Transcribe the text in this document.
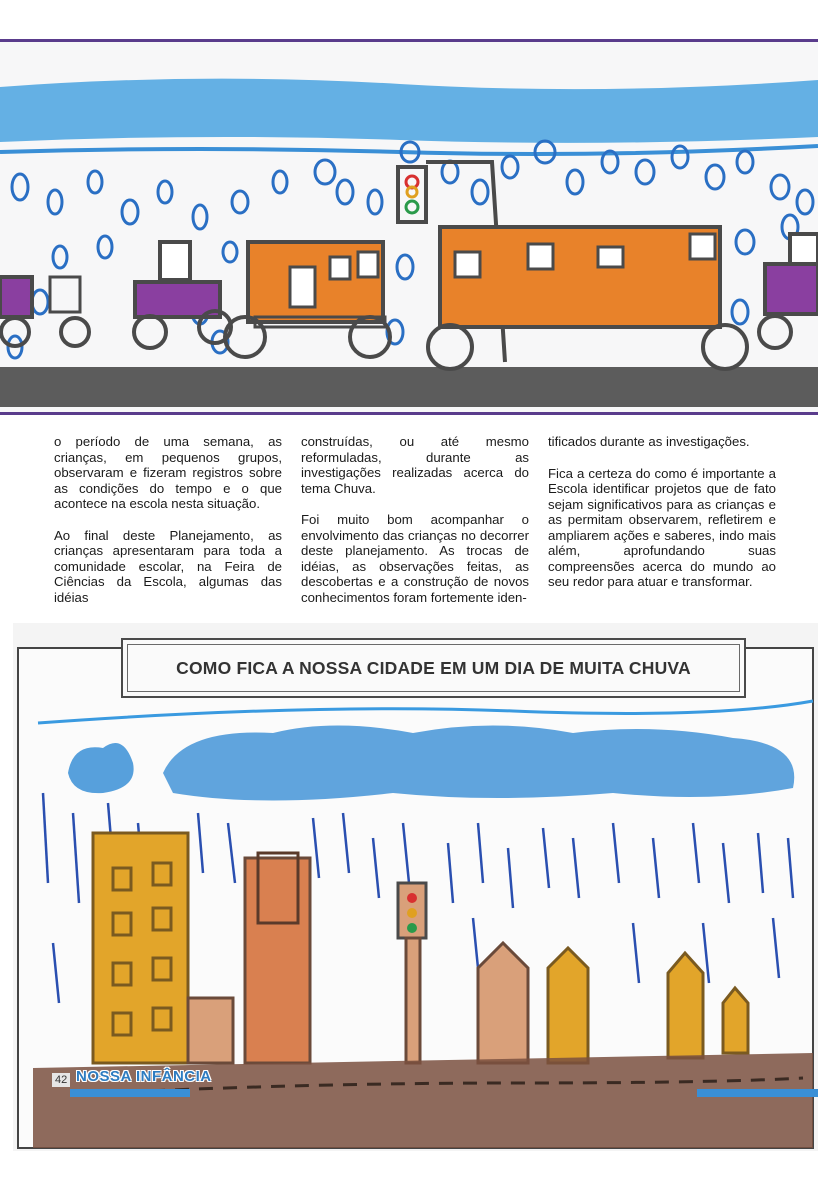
o período de uma semana, as crianças, em pequenos grupos, observaram e fizeram registros sobre as condições do tempo e o que acontece na escola nesta situação.

Ao final deste Planejamento, as crianças apresentaram para toda a comunidade escolar, na Feira de Ciências da Escola, algumas das idéias

construídas, ou até mesmo reformuladas, durante as investigações realizadas acerca do tema Chuva.

Foi muito bom acompanhar o envolvimento das crianças no decorrer deste planejamento. As trocas de idéias, as observações feitas, as descobertas e a construção de novos conhecimentos foram fortemente iden-

tificados durante as investigações.

Fica a certeza do como é importante a Escola identificar projetos que de fato sejam significativos para as crianças e as permitam observarem, refletirem e ampliarem ações e saberes, indo mais além, aprofundando suas compreensões acerca do mundo ao seu redor para atuar e transformar.

COMO FICA A NOSSA CIDADE EM UM DIA DE MUITA CHUVA
42 NOSSA INFÂNCIA
